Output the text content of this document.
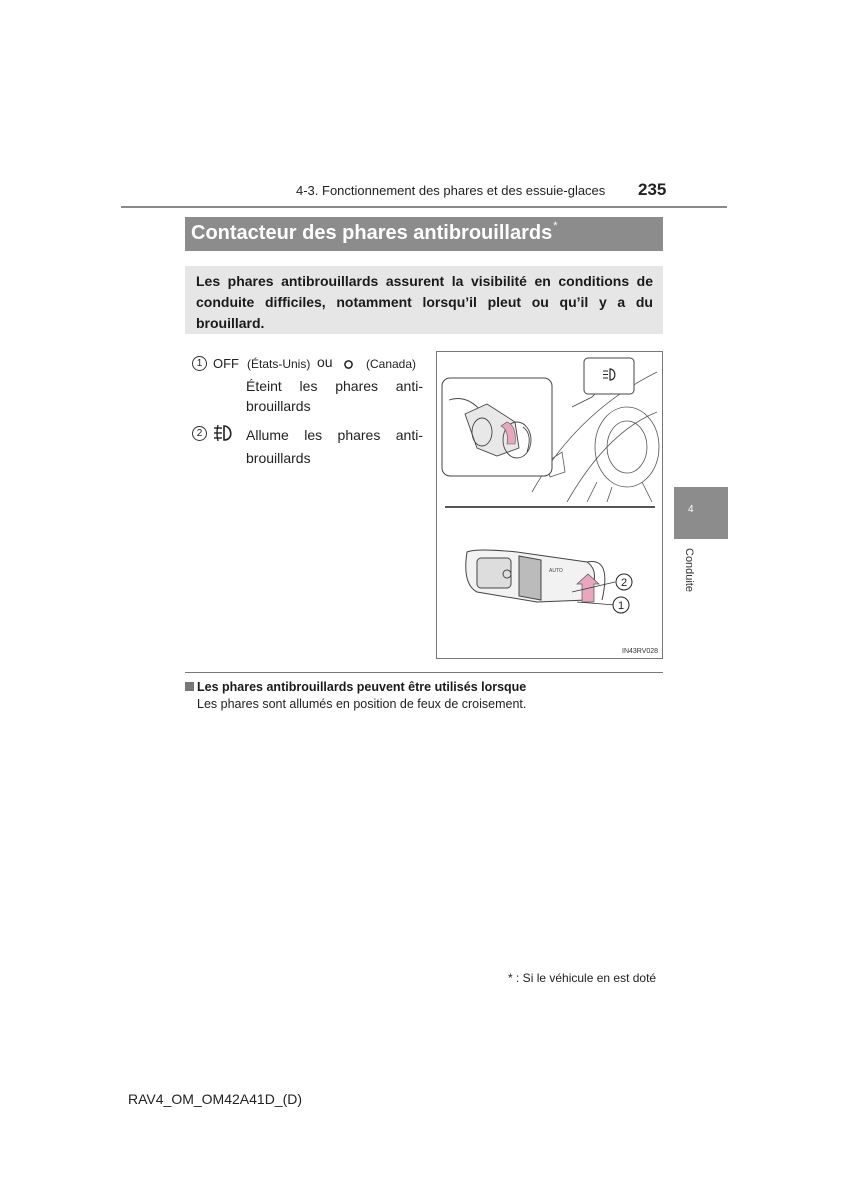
4-3. Fonctionnement des phares et des essuie-glaces 235
Contacteur des phares antibrouillards*
Les phares antibrouillards assurent la visibilité en conditions de conduite difficiles, notamment lorsqu’il pleut ou qu’il y a du brouillard.
1 OFF (États-Unis) ou	(Canada)
Éteint les phares anti-
brouillards
2	Allume les phares anti-
brouillards
AUTO
2
1
IN43RV028
Les phares antibrouillards peuvent être utilisés lorsque
Les phares sont allumés en position de feux de croisement.
4
Conduite
* : Si le véhicule en est doté
RAV4_OM_OM42A41D_(D)
